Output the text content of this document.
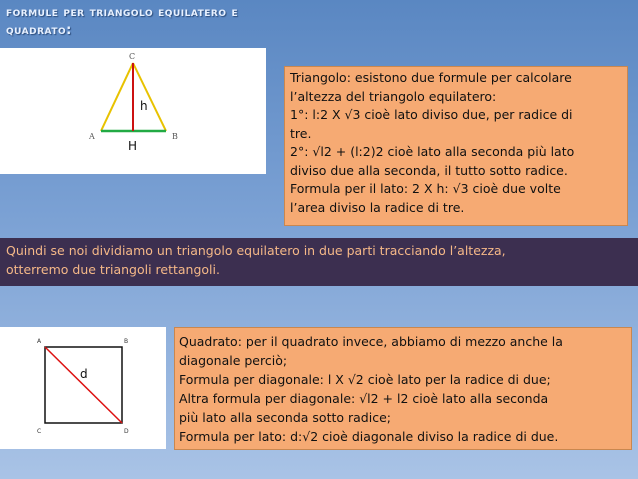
formule per triangolo equilatero e
quadrato:
C
A	B
h
H
Triangolo: esistono due formule per calcolare
l’altezza del triangolo equilatero:
1°: l:2 X √3 cioè lato diviso due, per radice di
tre.
2°: √l2 + (l:2)2 cioè lato alla seconda più lato
diviso due alla seconda, il tutto sotto radice.
Formula per il lato: 2 X h: √3 cioè due volte
l’area diviso la radice di tre.
Quindi se noi dividiamo un triangolo equilatero in due parti tracciando l’altezza,
otterremo due triangoli rettangoli.
A	B
C	D
d
Quadrato: per il quadrato invece, abbiamo di mezzo anche la
diagonale perciò;
Formula per diagonale: l X √2 cioè lato per la radice di due;
Altra formula per diagonale: √l2 + l2 cioè lato alla seconda
più lato alla seconda sotto radice;
Formula per lato: d:√2 cioè diagonale diviso la radice di due.
